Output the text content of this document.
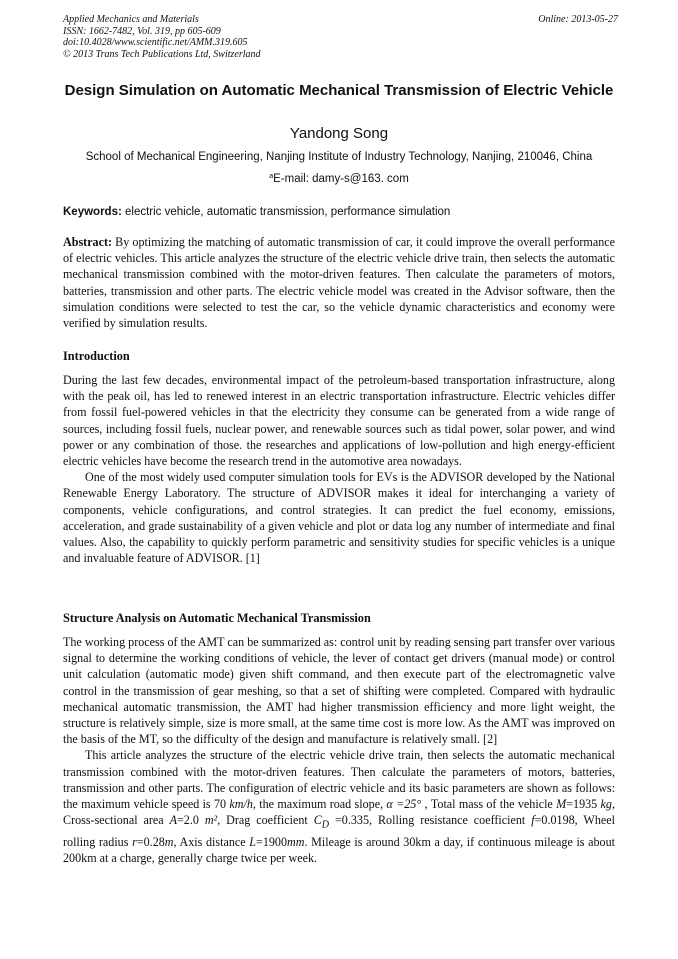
Applied Mechanics and Materials
ISSN: 1662-7482, Vol. 319, pp 605-609
doi:10.4028/www.scientific.net/AMM.319.605
© 2013 Trans Tech Publications Ltd, Switzerland
Online: 2013-05-27
Design Simulation on Automatic Mechanical Transmission of Electric Vehicle
Yandong Song
School of Mechanical Engineering, Nanjing Institute of Industry Technology, Nanjing, 210046, China
$^a$E-mail: damy-s@163. com
Keywords: electric vehicle, automatic transmission, performance simulation
Abstract: By optimizing the matching of automatic transmission of car, it could improve the overall performance of electric vehicles. This article analyzes the structure of the electric vehicle drive train, then selects the automatic mechanical transmission combined with the motor-driven features. Then calculate the parameters of motors, batteries, transmission and other parts. The electric vehicle model was created in the Advisor software, then the simulation conditions were selected to test the car, so the vehicle dynamic characteristics and economy were verified by simulation results.
Introduction

During the last few decades, environmental impact of the petroleum-based transportation infrastructure, along with the peak oil, has led to renewed interest in an electric transportation infrastructure. Electric vehicles differ from fossil fuel-powered vehicles in that the electricity they consume can be generated from a wide range of sources, including fossil fuels, nuclear power, and renewable sources such as tidal power, solar power, and wind power or any combination of those. the researches and applications of low-pollution and high energy-efficient electric vehicles have become the research trend in the automotive area nowadays.

One of the most widely used computer simulation tools for EVs is the ADVISOR developed by the National Renewable Energy Laboratory. The structure of ADVISOR makes it ideal for interchanging a variety of components, vehicle configurations, and control strategies. It can predict the fuel economy, emissions, acceleration, and grade sustainability of a given vehicle and plot or data log any number of intermediate and final values. Also, the capability to quickly perform parametric and sensitivity studies for specific vehicles is a unique and invaluable feature of ADVISOR. [1]

Structure Analysis on Automatic Mechanical Transmission

The working process of the AMT can be summarized as: control unit by reading sensing part transfer over various signal to determine the working conditions of vehicle, the lever of contact get drivers (manual mode) or control unit calculation (automatic mode) given shift command, and then execute part of the electromagnetic valve control in the transmission of gear meshing, so that a set of shifting were completed. Compared with hydraulic mechanical automatic transmission, the AMT had higher transmission efficiency and more light weight, the structure is relatively simple, size is more small, at the same time cost is more low. As the AMT was improved on the basis of the MT, so the difficulty of the design and manufacture is relatively small. [2]

This article analyzes the structure of the electric vehicle drive train, then selects the automatic mechanical transmission combined with the motor-driven features. Then calculate the parameters of motors, batteries, transmission and other parts. The configuration of electric vehicle and its basic parameters are shown as follows: the maximum vehicle speed is 70 km/h, the maximum road slope, α =25° , Total mass of the vehicle M=1935 kg, Cross-sectional area A=2.0 m², Drag coefficient $C_D =0.335$, Rolling resistance coefficient f=0.0198, Wheel rolling radius r=0.28m, Axis distance L=1900mm. Mileage is around 30km a day, if continuous mileage is about 200km at a charge, generally charge twice per week.
